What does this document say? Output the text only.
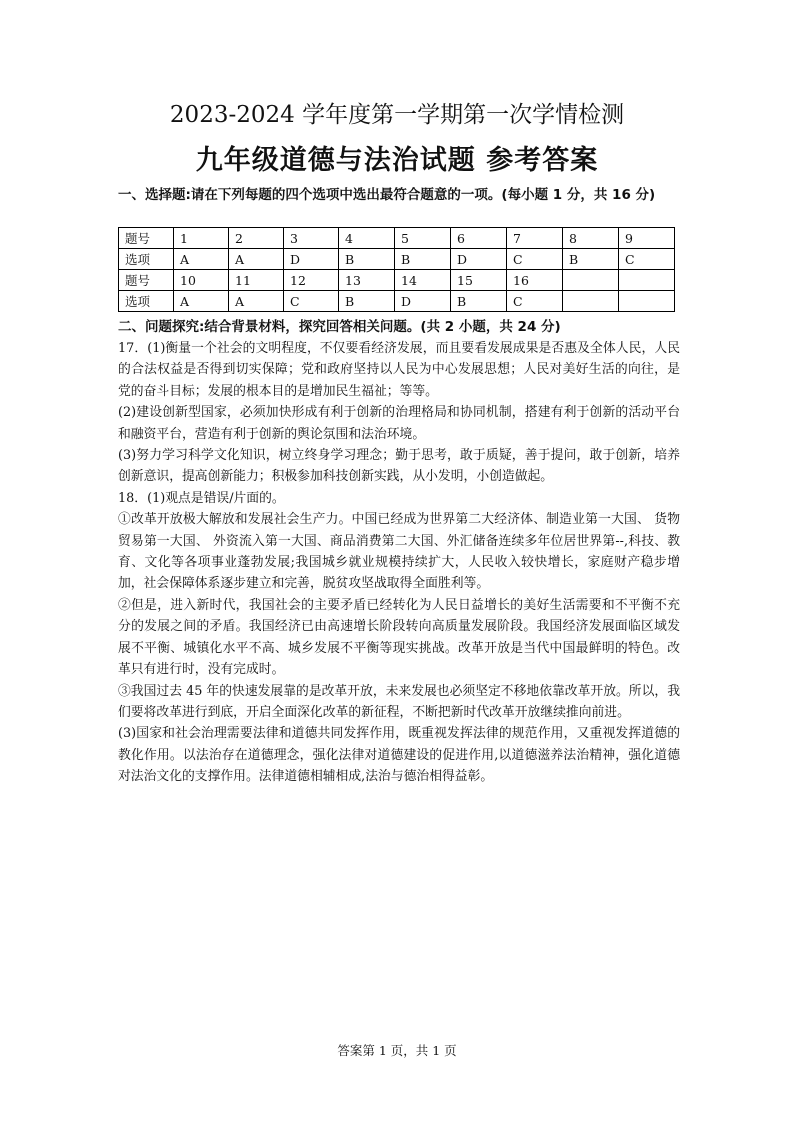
2023-2024 学年度第一学期第一次学情检测
九年级道德与法治试题 参考答案
一、选择题:请在下列每题的四个选项中选出最符合题意的一项。(每小题 1 分，共 16 分)
题号	1	2	3	4	5	6	7	8	9
选项	A	A	D	B	B	D	C	B	C
题号	10	11	12	13	14	15	16		
选项	A	A	C	B	D	B	C		
二、问题探究:结合背景材料，探究回答相关问题。(共 2 小题，共 24 分)

17．(1)衡量一个社会的文明程度，不仅要看经济发展，而且要看发展成果是否惠及全体人民，人民的合法权益是否得到切实保障；党和政府坚持以人民为中心发展思想；人民对美好生活的向往，是党的奋斗目标；发展的根本目的是增加民生福祉；等等。

(2)建设创新型国家，必须加快形成有利于创新的治理格局和协同机制，搭建有利于创新的活动平台和融资平台，营造有利于创新的舆论氛围和法治环境。

(3)努力学习科学文化知识，树立终身学习理念；勤于思考，敢于质疑，善于提问，敢于创新，培养创新意识，提高创新能力；积极参加科技创新实践，从小发明，小创造做起。

18．(1)观点是错误/片面的。

①改革开放极大解放和发展社会生产力。中国已经成为世界第二大经济体、制造业第一大国、 货物贸易第一大国、 外资流入第一大国、商品消费第二大国、外汇储备连续多年位居世界第--,科技、教育、文化等各项事业蓬勃发展;我国城乡就业规模持续扩大，人民收入较快增长，家庭财产稳步增加，社会保障体系逐步建立和完善，脱贫攻坚战取得全面胜利等。

②但是，进入新时代，我国社会的主要矛盾已经转化为人民日益增长的美好生活需要和不平衡不充分的发展之间的矛盾。我国经济已由高速增长阶段转向高质量发展阶段。我国经济发展面临区域发展不平衡、城镇化水平不高、城乡发展不平衡等现实挑战。改革开放是当代中国最鲜明的特色。改革只有进行时，没有完成时。

③我国过去 45 年的快速发展靠的是改革开放，未来发展也必须坚定不移地依靠改革开放。所以，我们要将改革进行到底，开启全面深化改革的新征程，不断把新时代改革开放继续推向前进。

(3)国家和社会治理需要法律和道德共同发挥作用，既重视发挥法律的规范作用，又重视发挥道德的教化作用。以法治存在道德理念，强化法律对道德建设的促进作用,以道德滋养法治精神，强化道德对法治文化的支撑作用。法律道德相辅相成,法治与德治相得益彰。

答案第 1 页，共 1 页
